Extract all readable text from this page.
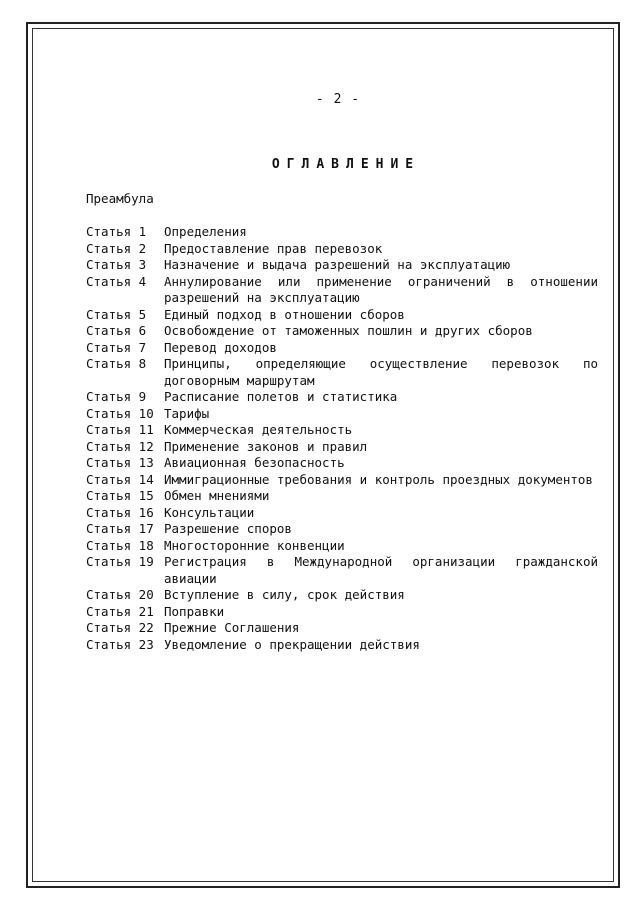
- 2 -
ОГЛАВЛЕНИЕ
Преамбула
Статья 1	Определения
Статья 2	Предоставление прав перевозок
Статья 3	Назначение и выдача разрешений на эксплуатацию
Статья 4	Аннулирование или применение ограничений в отношении разрешений на эксплуатацию
Статья 5	Единый подход в отношении сборов
Статья 6	Освобождение от таможенных пошлин и других сборов
Статья 7	Перевод доходов
Статья 8	Принципы, определяющие осуществление перевозок по договорным маршрутам
Статья 9	Расписание полетов и статистика
Статья 10 Тарифы
Статья 11 Коммерческая деятельность
Статья 12 Применение законов и правил
Статья 13 Авиационная безопасность
Статья 14 Иммиграционные требования и контроль проездных документов
Статья 15 Обмен мнениями
Статья 16 Консультации
Статья 17 Разрешение споров
Статья 18 Многосторонние конвенции
Статья 19 Регистрация в Международной организации гражданской авиации
Статья 20 Вступление в силу, срок действия
Статья 21 Поправки
Статья 22 Прежние Соглашения
Статья 23 Уведомление о прекращении действия
